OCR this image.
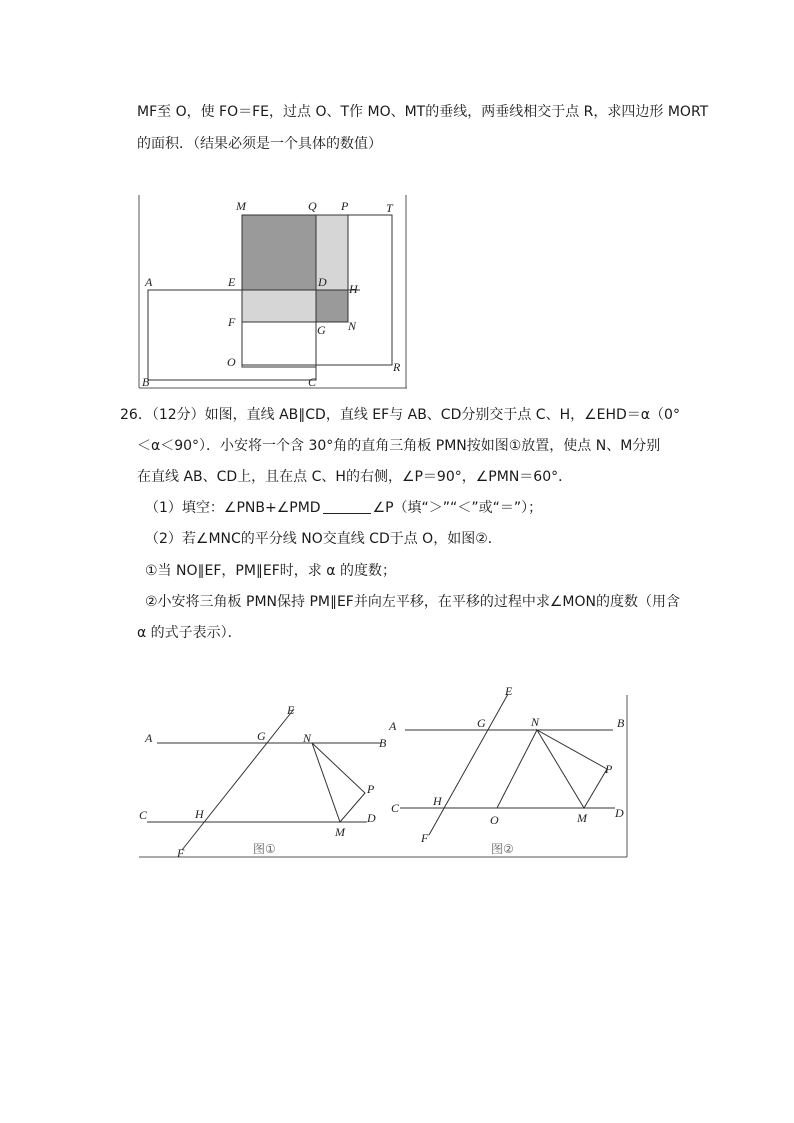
MF至 O，使 FO＝FE，过点 O、T作 MO、MT的垂线，两垂线相交于点 R，求四边形 MORT
的面积．（结果必须是一个具体的数值）
M	Q P	T
A	E	D H
F
G N
O
B	C
R
26．（12分）如图，直线 AB∥CD，直线 EF与 AB、CD分别交于点 C、H，∠EHD＝α（0°
＜α＜90°）．小安将一个含 30°角的直角三角板 PMN按如图①放置，使点 N、M分别
在直线 AB、CD上，且在点 C、H的右侧，∠P＝90°，∠PMN＝60°．
（1）填空：∠PNB+∠PMD	∠P（填“＞”“＜”或“＝”）；
（2）若∠MNC的平分线 NO交直线 CD于点 O，如图②．
①当 NO∥EF，PM∥EF时，求 α 的度数；
②小安将三角板 PMN保持 PM∥EF并向左平移，在平移的过程中求∠MON的度数（用含
α 的式子表示）．
A	B
C	D
E
F
G
H
N
M
P
图①
A	B
C	D
E
F
G
H
N
M
P
O
图②
